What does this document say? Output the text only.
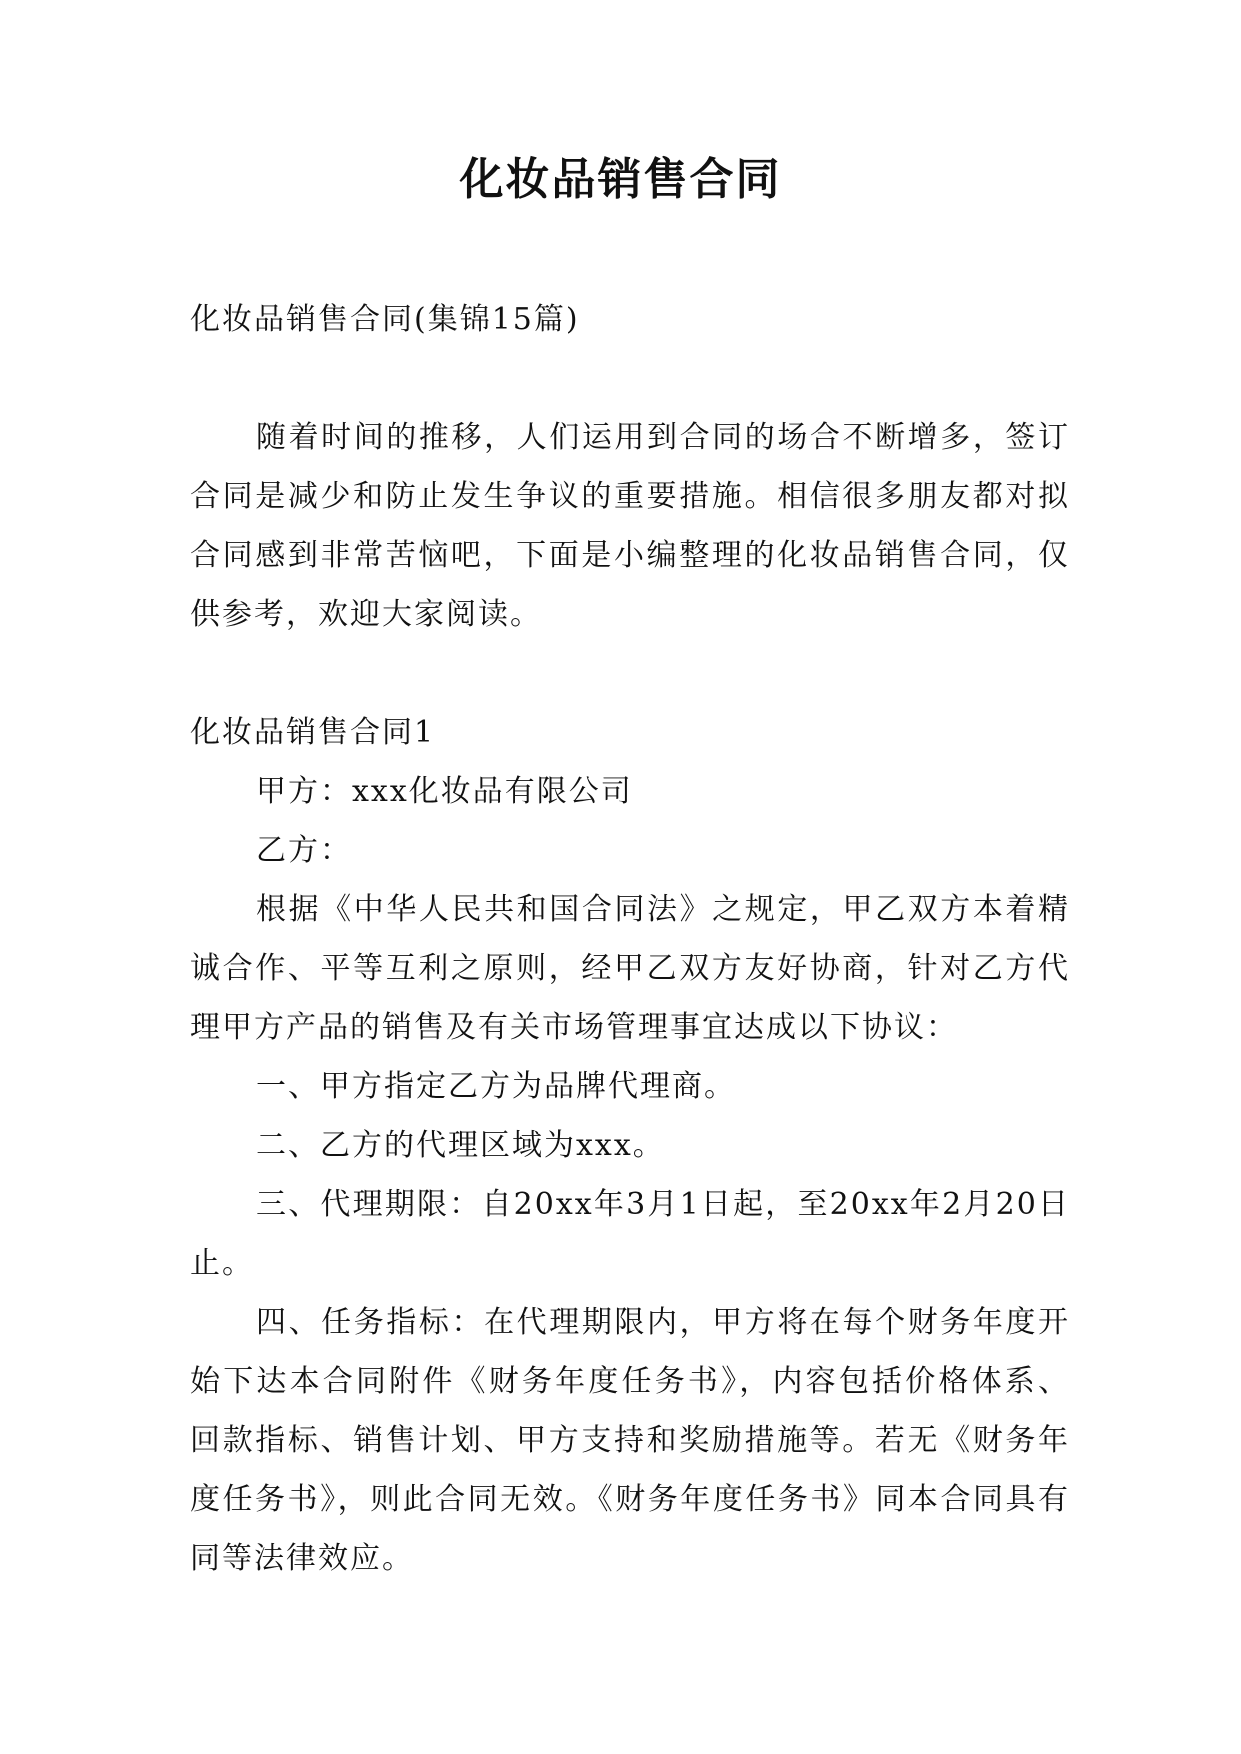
化妆品销售合同

化妆品销售合同(集锦15篇)

随着时间的推移，人们运用到合同的场合不断增多，签订合同是减少和防止发生争议的重要措施。相信很多朋友都对拟合同感到非常苦恼吧，下面是小编整理的化妆品销售合同，仅供参考，欢迎大家阅读。

化妆品销售合同1

甲方：xxx化妆品有限公司

乙方：

根据《中华人民共和国合同法》之规定，甲乙双方本着精诚合作、平等互利之原则，经甲乙双方友好协商，针对乙方代理甲方产品的销售及有关市场管理事宜达成以下协议：

一、甲方指定乙方为品牌代理商。

二、乙方的代理区域为xxx。

三、代理期限：自20xx年3月1日起，至20xx年2月20日止。

四、任务指标：在代理期限内，甲方将在每个财务年度开始下达本合同附件《财务年度任务书》，内容包括价格体系、回款指标、销售计划、甲方支持和奖励措施等。若无《财务年度任务书》，则此合同无效。《财务年度任务书》同本合同具有同等法律效应。
